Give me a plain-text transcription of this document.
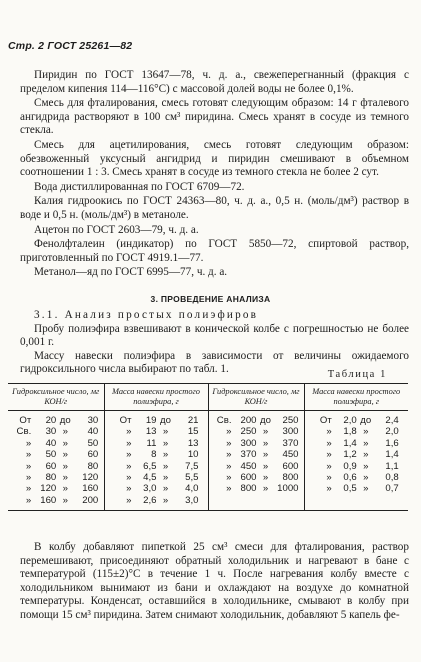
Стр. 2 ГОСТ 25261—82

Пиридин по ГОСТ 13647—78, ч. д. а., свежеперегнанный (фракция с пределом кипения 114—116°С) с массовой долей воды не более 0,1%.

Смесь для фталирования, смесь готовят следующим образом: 14 г фталевого ангидрида растворяют в 100 см³ пиридина. Смесь хранят в сосуде из темного стекла.

Смесь для ацетилирования, смесь готовят следующим образом: обезвоженный уксусный ангидрид и пиридин смешивают в объемном соотношении 1 : 3. Смесь хранят в сосуде из темного стекла не более 2 сут.

Вода дистиллированная по ГОСТ 6709—72.

Калия гидроокись по ГОСТ 24363—80, ч. д. а., 0,5 н. (моль/дм³) раствор в воде и 0,5 н. (моль/дм³) в метаноле.

Ацетон по ГОСТ 2603—79, ч. д. а.

Фенолфталеин (индикатор) по ГОСТ 5850—72, спиртовой раствор, приготовленный по ГОСТ 4919.1—77.

Метанол—яд по ГОСТ 6995—77, ч. д. а.

3. ПРОВЕДЕНИЕ АНАЛИЗА

3.1. Анализ простых полиэфиров

Пробу полиэфира взвешивают в конической колбе с погрешностью не более 0,001 г.

Массу навески полиэфира в зависимости от величины ожидаемого гидроксильного числа выбирают по табл. 1.	Таблица 1
Гидроксильное число, мг КОН/г	Масса навески простого полиэфира, г	Гидроксильное число, мг КОН/г	Масса навески простого полиэфира, г

От 20 до 30	От 19 до 21	Св. 200 до 250	От 2,0 до 2,4

Св. 30 » 40	» 13 » 15	» 250 » 300	» 1,8 » 2,0

» 40 » 50	» 11 » 13	» 300 » 370	» 1,4 » 1,6

» 50 » 60	» 8 » 10	» 370 » 450	» 1,2 » 1,4

» 60 » 80	» 6,5 » 7,5	» 450 » 600	» 0,9 » 1,1

» 80 » 120	» 4,5 » 5,5	» 600 » 800	» 0,6 » 0,8

» 120 » 160	» 3,0 » 4,0	» 800 » 1000	» 0,5 » 0,7

» 160 » 200	» 2,6 » 3,0		

В колбу добавляют пипеткой 25 см³ смеси для фталирования, раствор перемешивают, присоединяют обратный холодильник и нагревают в бане с температурой (115±2)°С в течение 1 ч. После нагревания колбу вместе с холодильником вынимают из бани и охлаждают на воздухе до комнатной температуры. Конденсат, оставшийся в холодильнике, смывают в колбу при помощи 15 см³ пиридина. Затем снимают холодильник, добавляют 5 капель фе-
